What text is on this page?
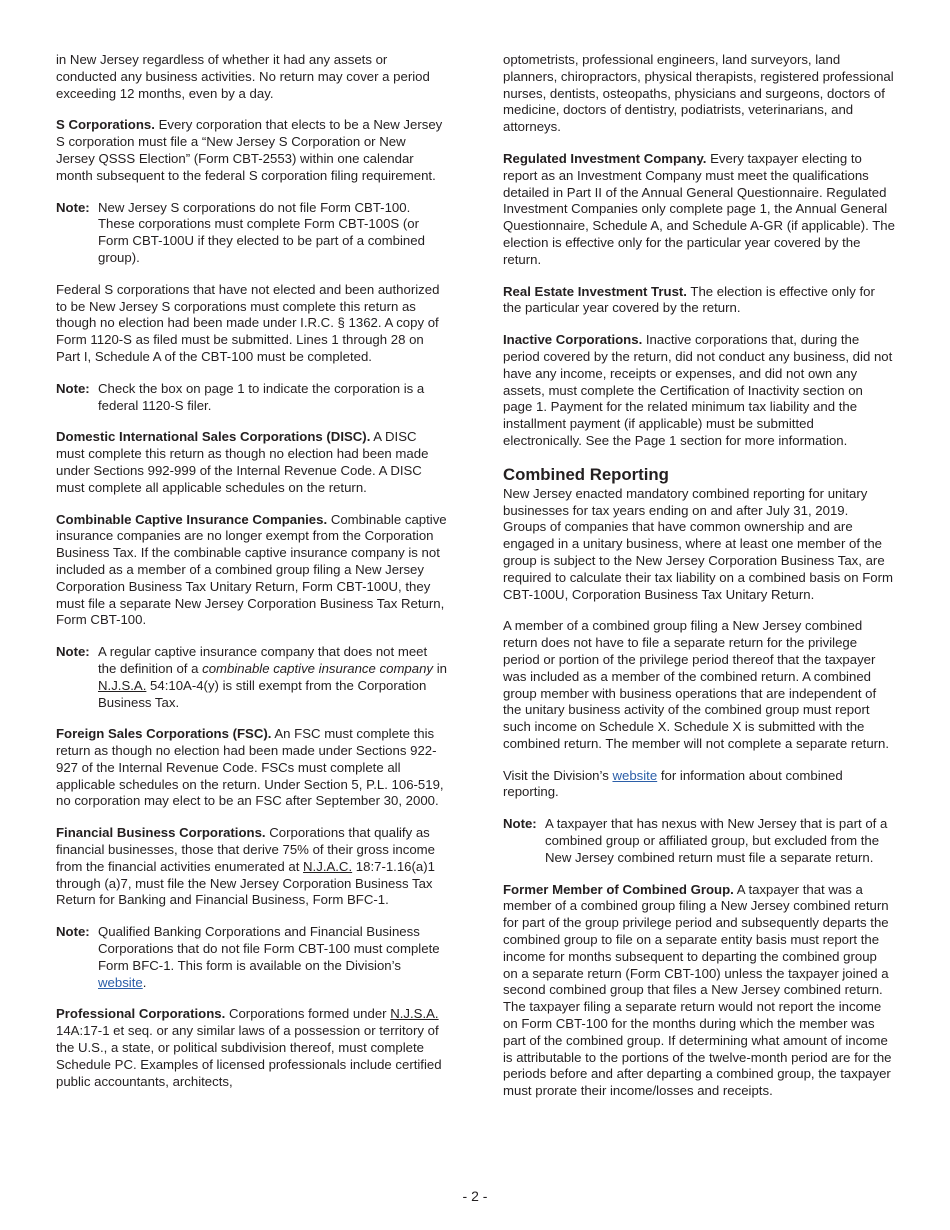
in New Jersey regardless of whether it had any assets or conducted any business activities. No return may cover a period exceeding 12 months, even by a day.

S Corporations. Every corporation that elects to be a New Jersey S corporation must file a “New Jersey S Corporation or New Jersey QSSS Election” (Form CBT-2553) within one calendar month subsequent to the federal S corporation filing requirement.

Note: New Jersey S corporations do not file Form CBT-100. These corporations must complete Form CBT-100S (or Form CBT-100U if they elected to be part of a combined group).

Federal S corporations that have not elected and been authorized to be New Jersey S corporations must complete this return as though no election had been made under I.R.C. § 1362. A copy of Form 1120-S as filed must be submitted. Lines 1 through 28 on Part I, Schedule A of the CBT-100 must be completed.

Note: Check the box on page 1 to indicate the corporation is a federal 1120-S filer.

Domestic International Sales Corporations (DISC). A DISC must complete this return as though no election had been made under Sections 992-999 of the Internal Revenue Code. A DISC must complete all applicable schedules on the return.

Combinable Captive Insurance Companies. Combinable captive insurance companies are no longer exempt from the Corporation Business Tax. If the combinable captive insurance company is not included as a member of a combined group filing a New Jersey Corporation Business Tax Unitary Return, Form CBT-100U, they must file a separate New Jersey Corporation Business Tax Return, Form CBT-100.

Note: A regular captive insurance company that does not meet the definition of a combinable captive insurance company in N.J.S.A. 54:10A-4(y) is still exempt from the Corporation Business Tax.

Foreign Sales Corporations (FSC). An FSC must complete this return as though no election had been made under Sections 922-927 of the Internal Revenue Code. FSCs must complete all applicable schedules on the return. Under Section 5, P.L. 106-519, no corporation may elect to be an FSC after September 30, 2000.

Financial Business Corporations. Corporations that qualify as financial businesses, those that derive 75% of their gross income from the financial activities enumerated at N.J.A.C. 18:7-1.16(a)1 through (a)7, must file the New Jersey Corporation Business Tax Return for Banking and Financial Business, Form BFC-1.

Note: Qualified Banking Corporations and Financial Business Corporations that do not file Form CBT-100 must complete Form BFC-1. This form is available on the Division’s website.

Professional Corporations. Corporations formed under N.J.S.A. 14A:17-1 et seq. or any similar laws of a possession or territory of the U.S., a state, or political subdivision thereof, must complete Schedule PC. Examples of licensed professionals include certified public accountants, architects,

optometrists, professional engineers, land surveyors, land planners, chiropractors, physical therapists, registered professional nurses, dentists, osteopaths, physicians and surgeons, doctors of medicine, doctors of dentistry, podiatrists, veterinarians, and attorneys.

Regulated Investment Company. Every taxpayer electing to report as an Investment Company must meet the qualifications detailed in Part II of the Annual General Questionnaire. Regulated Investment Companies only complete page 1, the Annual General Questionnaire, Schedule A, and Schedule A-GR (if applicable). The election is effective only for the particular year covered by the return.

Real Estate Investment Trust. The election is effective only for the particular year covered by the return.

Inactive Corporations. Inactive corporations that, during the period covered by the return, did not conduct any business, did not have any income, receipts or expenses, and did not own any assets, must complete the Certification of Inactivity section on page 1. Payment for the related minimum tax liability and the installment payment (if applicable) must be submitted electronically. See the Page 1 section for more information.

Combined Reporting

New Jersey enacted mandatory combined reporting for unitary businesses for tax years ending on and after July 31, 2019. Groups of companies that have common ownership and are engaged in a unitary business, where at least one member of the group is subject to the New Jersey Corporation Business Tax, are required to calculate their tax liability on a combined basis on Form CBT-100U, Corporation Business Tax Unitary Return.

A member of a combined group filing a New Jersey combined return does not have to file a separate return for the privilege period or portion of the privilege period thereof that the taxpayer was included as a member of the combined return. A combined group member with business operations that are independent of the unitary business activity of the combined group must report such income on Schedule X. Schedule X is submitted with the combined return. The member will not complete a separate return.

Visit the Division’s website for information about combined reporting.

Note: A taxpayer that has nexus with New Jersey that is part of a combined group or affiliated group, but excluded from the New Jersey combined return must file a separate return.

Former Member of Combined Group. A taxpayer that was a member of a combined group filing a New Jersey combined return for part of the group privilege period and subsequently departs the combined group to file on a separate entity basis must report the income for months subsequent to departing the combined group on a separate return (Form CBT-100) unless the taxpayer joined a second combined group that files a New Jersey combined return. The taxpayer filing a separate return would not report the income on Form CBT-100 for the months during which the member was part of the combined group. If determining what amount of income is attributable to the portions of the twelve-month period are for the periods before and after departing a combined group, the taxpayer must prorate their income/losses and receipts.

- 2 -
